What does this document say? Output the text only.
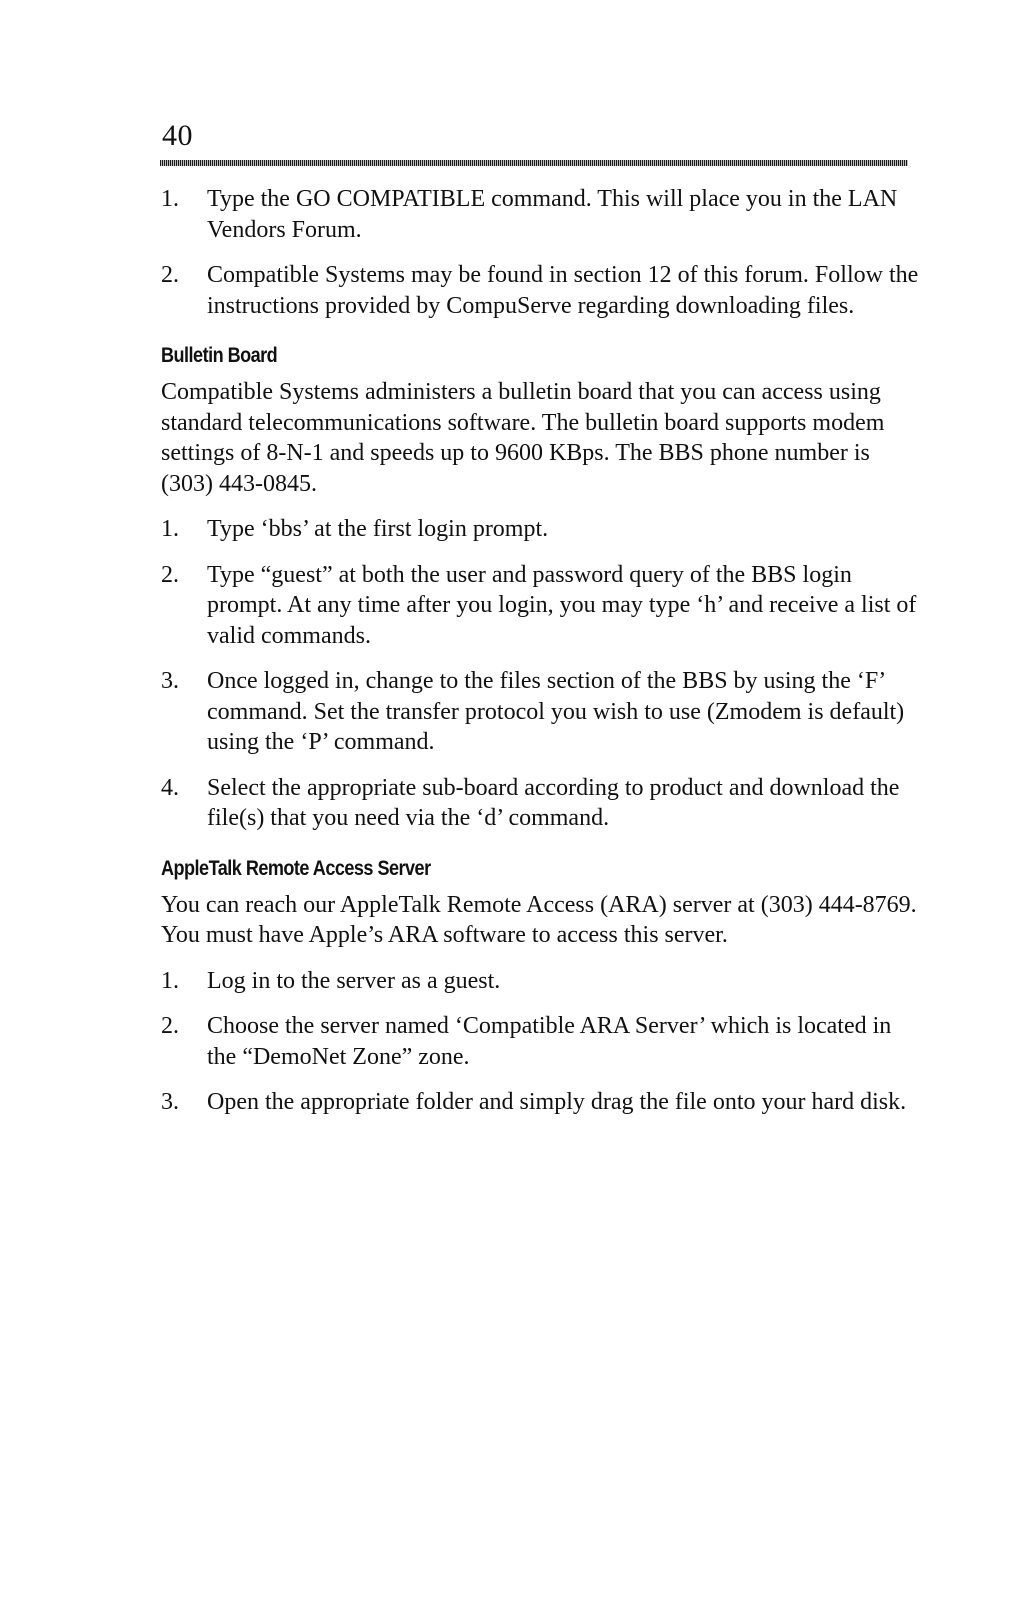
40
1.	Type the GO COMPATIBLE command. This will place you in the LAN Vendors Forum.
2.	Compatible Systems may be found in section 12 of this forum. Follow the instructions provided by CompuServe regarding downloading files.
Bulletin Board

Compatible Systems administers a bulletin board that you can access using standard telecommunications software. The bulletin board supports modem settings of 8-N-1 and speeds up to 9600 KBps. The BBS phone number is (303) 443-0845.

1.	Type ‘bbs’ at the first login prompt.
2.	Type “guest” at both the user and password query of the BBS login prompt. At any time after you login, you may type ‘h’ and receive a list of valid commands.
3.	Once logged in, change to the files section of the BBS by using the ‘F’ command. Set the transfer protocol you wish to use (Zmodem is default) using the ‘P’ command.
4.	Select the appropriate sub-board according to product and download the file(s) that you need via the ‘d’ command.
AppleTalk Remote Access Server

You can reach our AppleTalk Remote Access (ARA) server at (303) 444-8769. You must have Apple’s ARA software to access this server.

1.	Log in to the server as a guest.
2.	Choose the server named ‘Compatible ARA Server’ which is located in the “DemoNet Zone” zone.
3.	Open the appropriate folder and simply drag the file onto your hard disk.
